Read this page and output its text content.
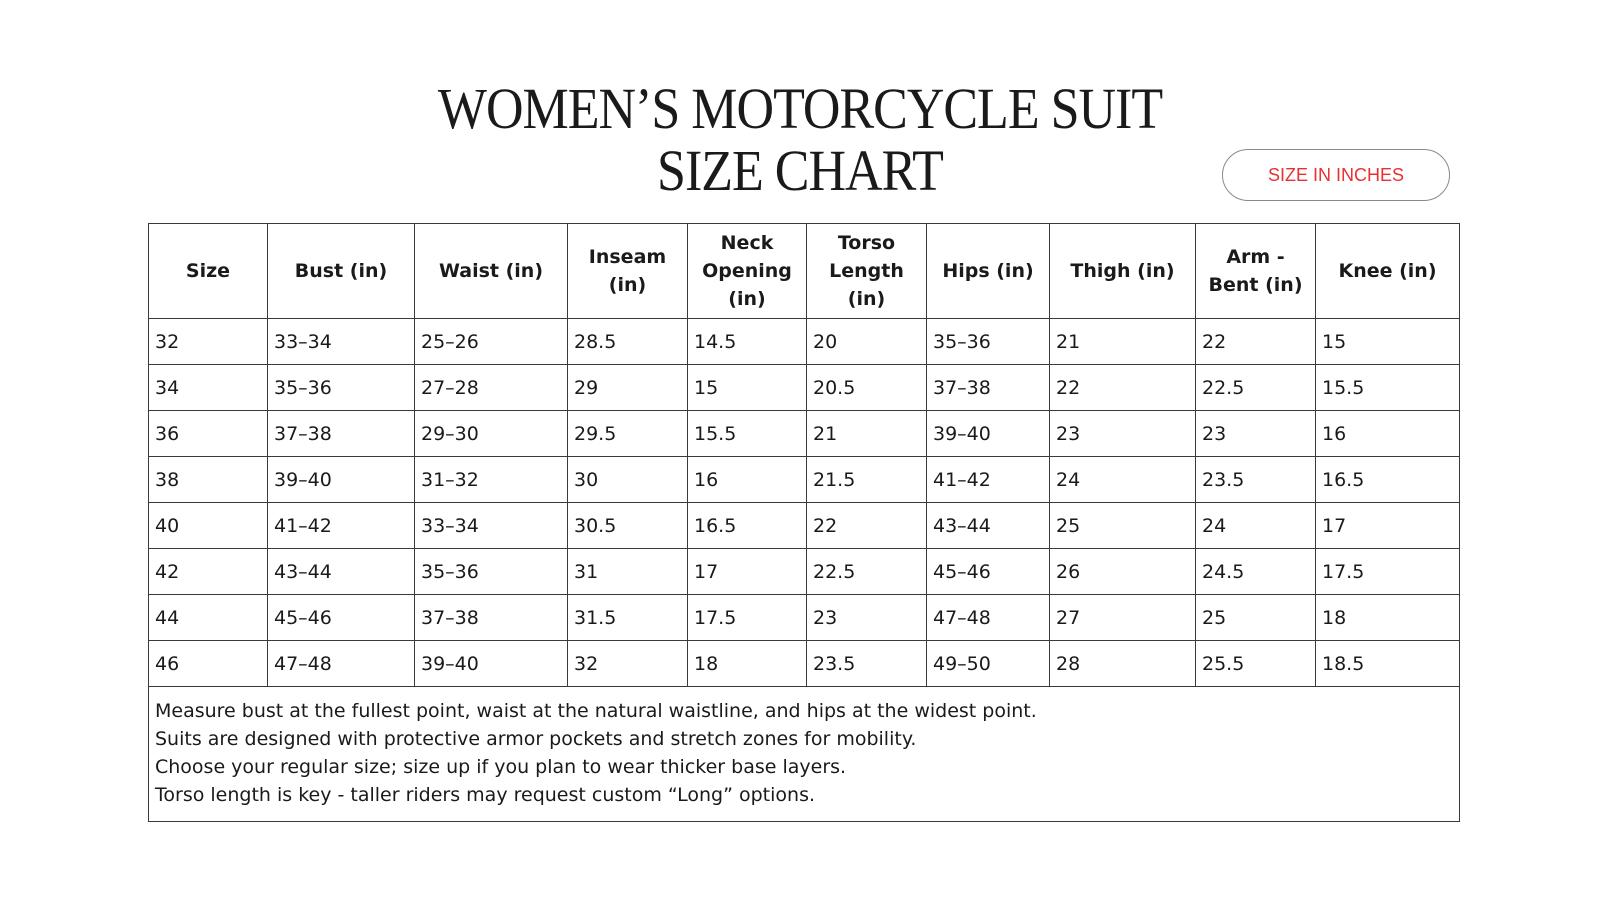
WOMEN’S MOTORCYCLE SUIT
SIZE CHART	SIZE IN INCHES
Size	Bust (in)	Waist (in)	Inseam (in)	Neck Opening (in)	Torso Length (in)	Hips (in)	Thigh (in)	Arm - Bent (in)	Knee (in)
32	33–34	25–26	28.5	14.5	20	35–36	21	22	15
34	35–36	27–28	29	15	20.5	37–38	22	22.5	15.5
36	37–38	29–30	29.5	15.5	21	39–40	23	23	16
38	39–40	31–32	30	16	21.5	41–42	24	23.5	16.5
40	41–42	33–34	30.5	16.5	22	43–44	25	24	17
42	43–44	35–36	31	17	22.5	45–46	26	24.5	17.5
44	45–46	37–38	31.5	17.5	23	47–48	27	25	18
46	47–48	39–40	32	18	23.5	49–50	28	25.5	18.5

Measure bust at the fullest point, waist at the natural waistline, and hips at the widest point.
Suits are designed with protective armor pockets and stretch zones for mobility.
Choose your regular size; size up if you plan to wear thicker base layers.
Torso length is key - taller riders may request custom “Long” options.									
